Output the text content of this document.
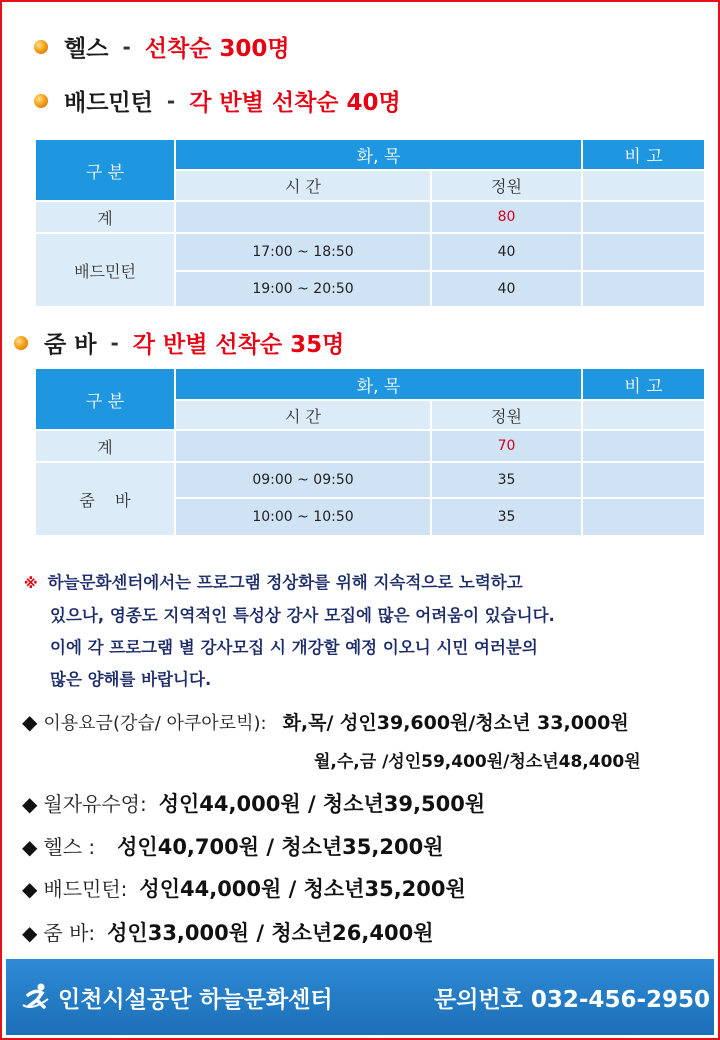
헬스 - 선착순 300명
배드민턴 - 각 반별 선착순 40명
구 분	화, 목		비 고
	시 간	정원	
계		80	
배드민턴	17:00 ~ 18:50	40	
	19:00 ~ 20:50	40	
줌 바 - 각 반별 선착순 35명
구 분	화, 목		비 고
	시 간	정원	
계		70	
줌    바	09:00 ~ 09:50	35	
	10:00 ~ 10:50	35	
※ 하늘문화센터에서는 프로그램 정상화를 위해 지속적으로 노력하고
있으나, 영종도 지역적인 특성상 강사 모집에 많은 어려움이 있습니다.
이에 각 프로그램 별 강사모집 시 개강할 예정 이오니 시민 여러분의
많은 양해를 바랍니다.
◆ 이용요금(강습/ 아쿠아로빅): 화,목/ 성인39,600원/청소년 33,000원
월,수,금 /성인59,400원/청소년48,400원
◆ 월자유수영: 성인44,000원 / 청소년39,500원
◆ 헬스 : 성인40,700원 / 청소년35,200원
◆ 배드민턴: 성인44,000원 / 청소년35,200원
◆ 줌 바: 성인33,000원 / 청소년26,400원
인천시설공단 하늘문화센터	문의번호 032-456-2950
